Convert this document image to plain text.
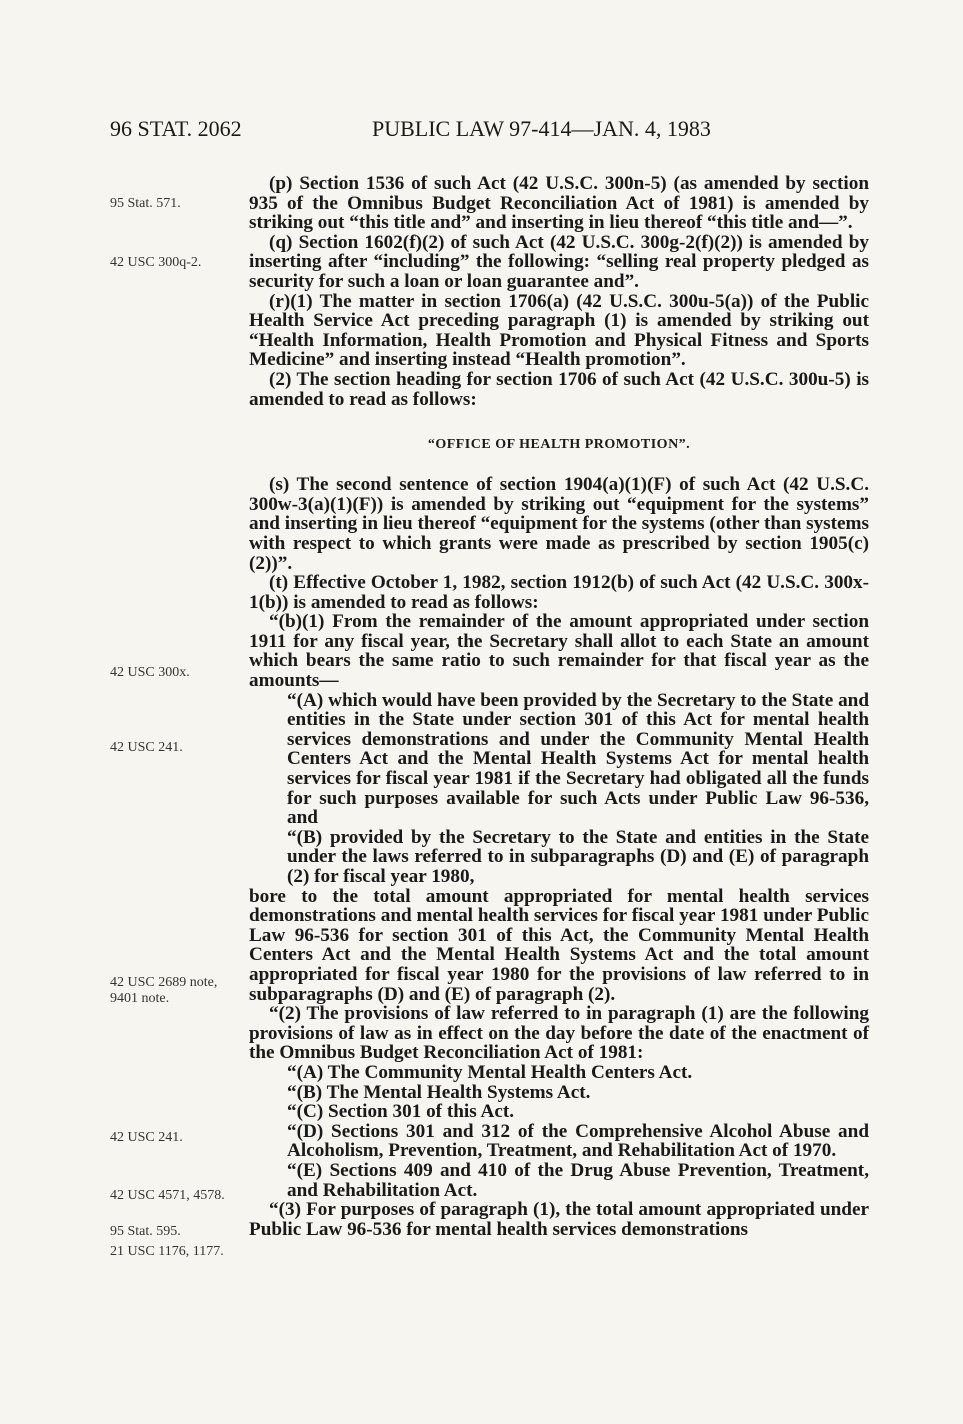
96 STAT. 2062	PUBLIC LAW 97-414—JAN. 4, 1983
95 Stat. 571.
42 USC 300q-2.
42 USC 300x.
42 USC 241.
42 USC 2689 note, 9401 note.
42 USC 241.
42 USC 4571, 4578.
95 Stat. 595.
21 USC 1176, 1177.

(p) Section 1536 of such Act (42 U.S.C. 300n-5) (as amended by section 935 of the Omnibus Budget Reconciliation Act of 1981) is amended by striking out “this title and” and inserting in lieu thereof “this title and—”.

(q) Section 1602(f)(2) of such Act (42 U.S.C. 300g-2(f)(2)) is amended by inserting after “including” the following: “selling real property pledged as security for such a loan or loan guarantee and”.

(r)(1) The matter in section 1706(a) (42 U.S.C. 300u-5(a)) of the Public Health Service Act preceding paragraph (1) is amended by striking out “Health Information, Health Promotion and Physical Fitness and Sports Medicine” and inserting instead “Health promotion”.

(2) The section heading for section 1706 of such Act (42 U.S.C. 300u-5) is amended to read as follows:

“OFFICE OF HEALTH PROMOTION”.

(s) The second sentence of section 1904(a)(1)(F) of such Act (42 U.S.C. 300w-3(a)(1)(F)) is amended by striking out “equipment for the systems” and inserting in lieu thereof “equipment for the systems (other than systems with respect to which grants were made as prescribed by section 1905(c)(2))”.

(t) Effective October 1, 1982, section 1912(b) of such Act (42 U.S.C. 300x-1(b)) is amended to read as follows:

“(b)(1) From the remainder of the amount appropriated under section 1911 for any fiscal year, the Secretary shall allot to each State an amount which bears the same ratio to such remainder for that fiscal year as the amounts—

“(A) which would have been provided by the Secretary to the State and entities in the State under section 301 of this Act for mental health services demonstrations and under the Community Mental Health Centers Act and the Mental Health Systems Act for mental health services for fiscal year 1981 if the Secretary had obligated all the funds for such purposes available for such Acts under Public Law 96-536, and

“(B) provided by the Secretary to the State and entities in the State under the laws referred to in subparagraphs (D) and (E) of paragraph (2) for fiscal year 1980,

bore to the total amount appropriated for mental health services demonstrations and mental health services for fiscal year 1981 under Public Law 96-536 for section 301 of this Act, the Community Mental Health Centers Act and the Mental Health Systems Act and the total amount appropriated for fiscal year 1980 for the provisions of law referred to in subparagraphs (D) and (E) of paragraph (2).

“(2) The provisions of law referred to in paragraph (1) are the following provisions of law as in effect on the day before the date of the enactment of the Omnibus Budget Reconciliation Act of 1981:

“(A) The Community Mental Health Centers Act.

“(B) The Mental Health Systems Act.

“(C) Section 301 of this Act.

“(D) Sections 301 and 312 of the Comprehensive Alcohol Abuse and Alcoholism, Prevention, Treatment, and Rehabilitation Act of 1970.

“(E) Sections 409 and 410 of the Drug Abuse Prevention, Treatment, and Rehabilitation Act.

“(3) For purposes of paragraph (1), the total amount appropriated under Public Law 96-536 for mental health services demonstrations
